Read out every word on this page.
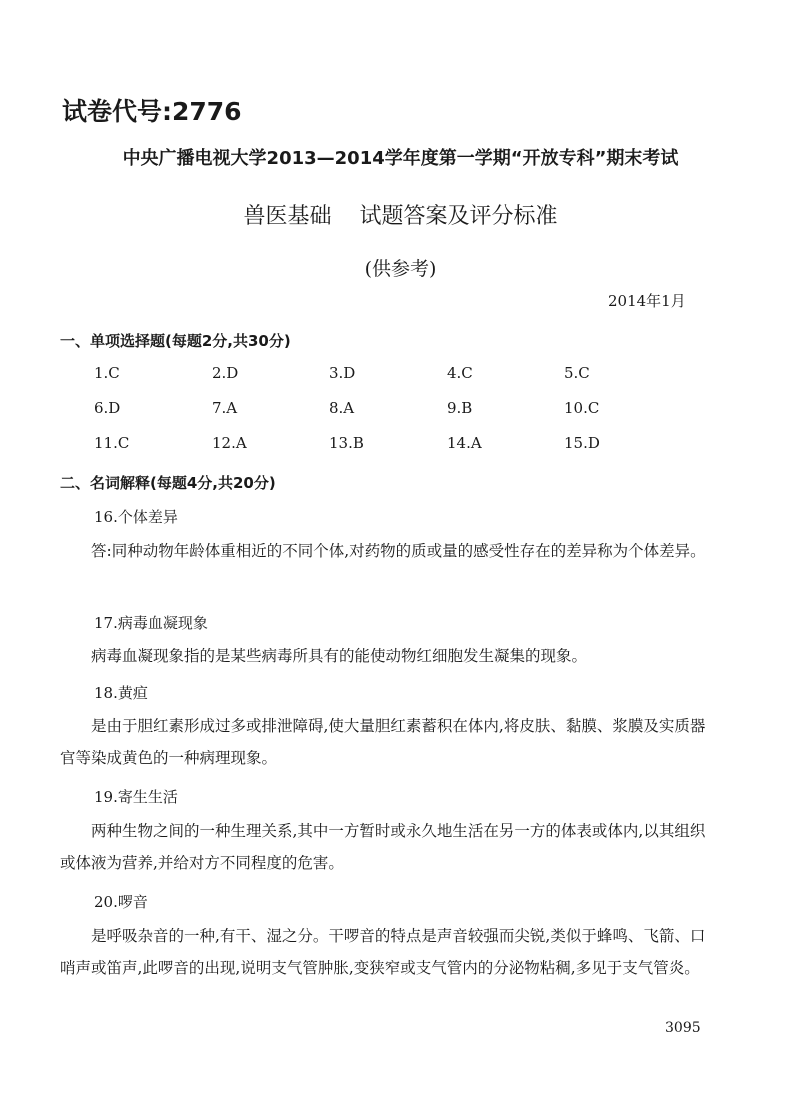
试卷代号:2776
中央广播电视大学2013—2014学年度第一学期“开放专科”期末考试
兽医基础    试题答案及评分标准
(供参考)
2014年1月
一、单项选择题(每题2分,共30分)
1.C	2.D	3.D	4.C	5.C
6.D	7.A	8.A	9.B	10.C
11.C	12.A	13.B	14.A	15.D
二、名词解释(每题4分,共20分)
16.个体差异
答:同种动物年龄体重相近的不同个体,对药物的质或量的感受性存在的差异称为个体差异。
17.病毒血凝现象
病毒血凝现象指的是某些病毒所具有的能使动物红细胞发生凝集的现象。
18.黄疸
是由于胆红素形成过多或排泄障碍,使大量胆红素蓄积在体内,将皮肤、黏膜、浆膜及实质器官等染成黄色的一种病理现象。
19.寄生生活
两种生物之间的一种生理关系,其中一方暂时或永久地生活在另一方的体表或体内,以其组织或体液为营养,并给对方不同程度的危害。
20.啰音
是呼吸杂音的一种,有干、湿之分。干啰音的特点是声音较强而尖锐,类似于蜂鸣、飞箭、口哨声或笛声,此啰音的出现,说明支气管肿胀,变狭窄或支气管内的分泌物粘稠,多见于支气管炎。
3095
